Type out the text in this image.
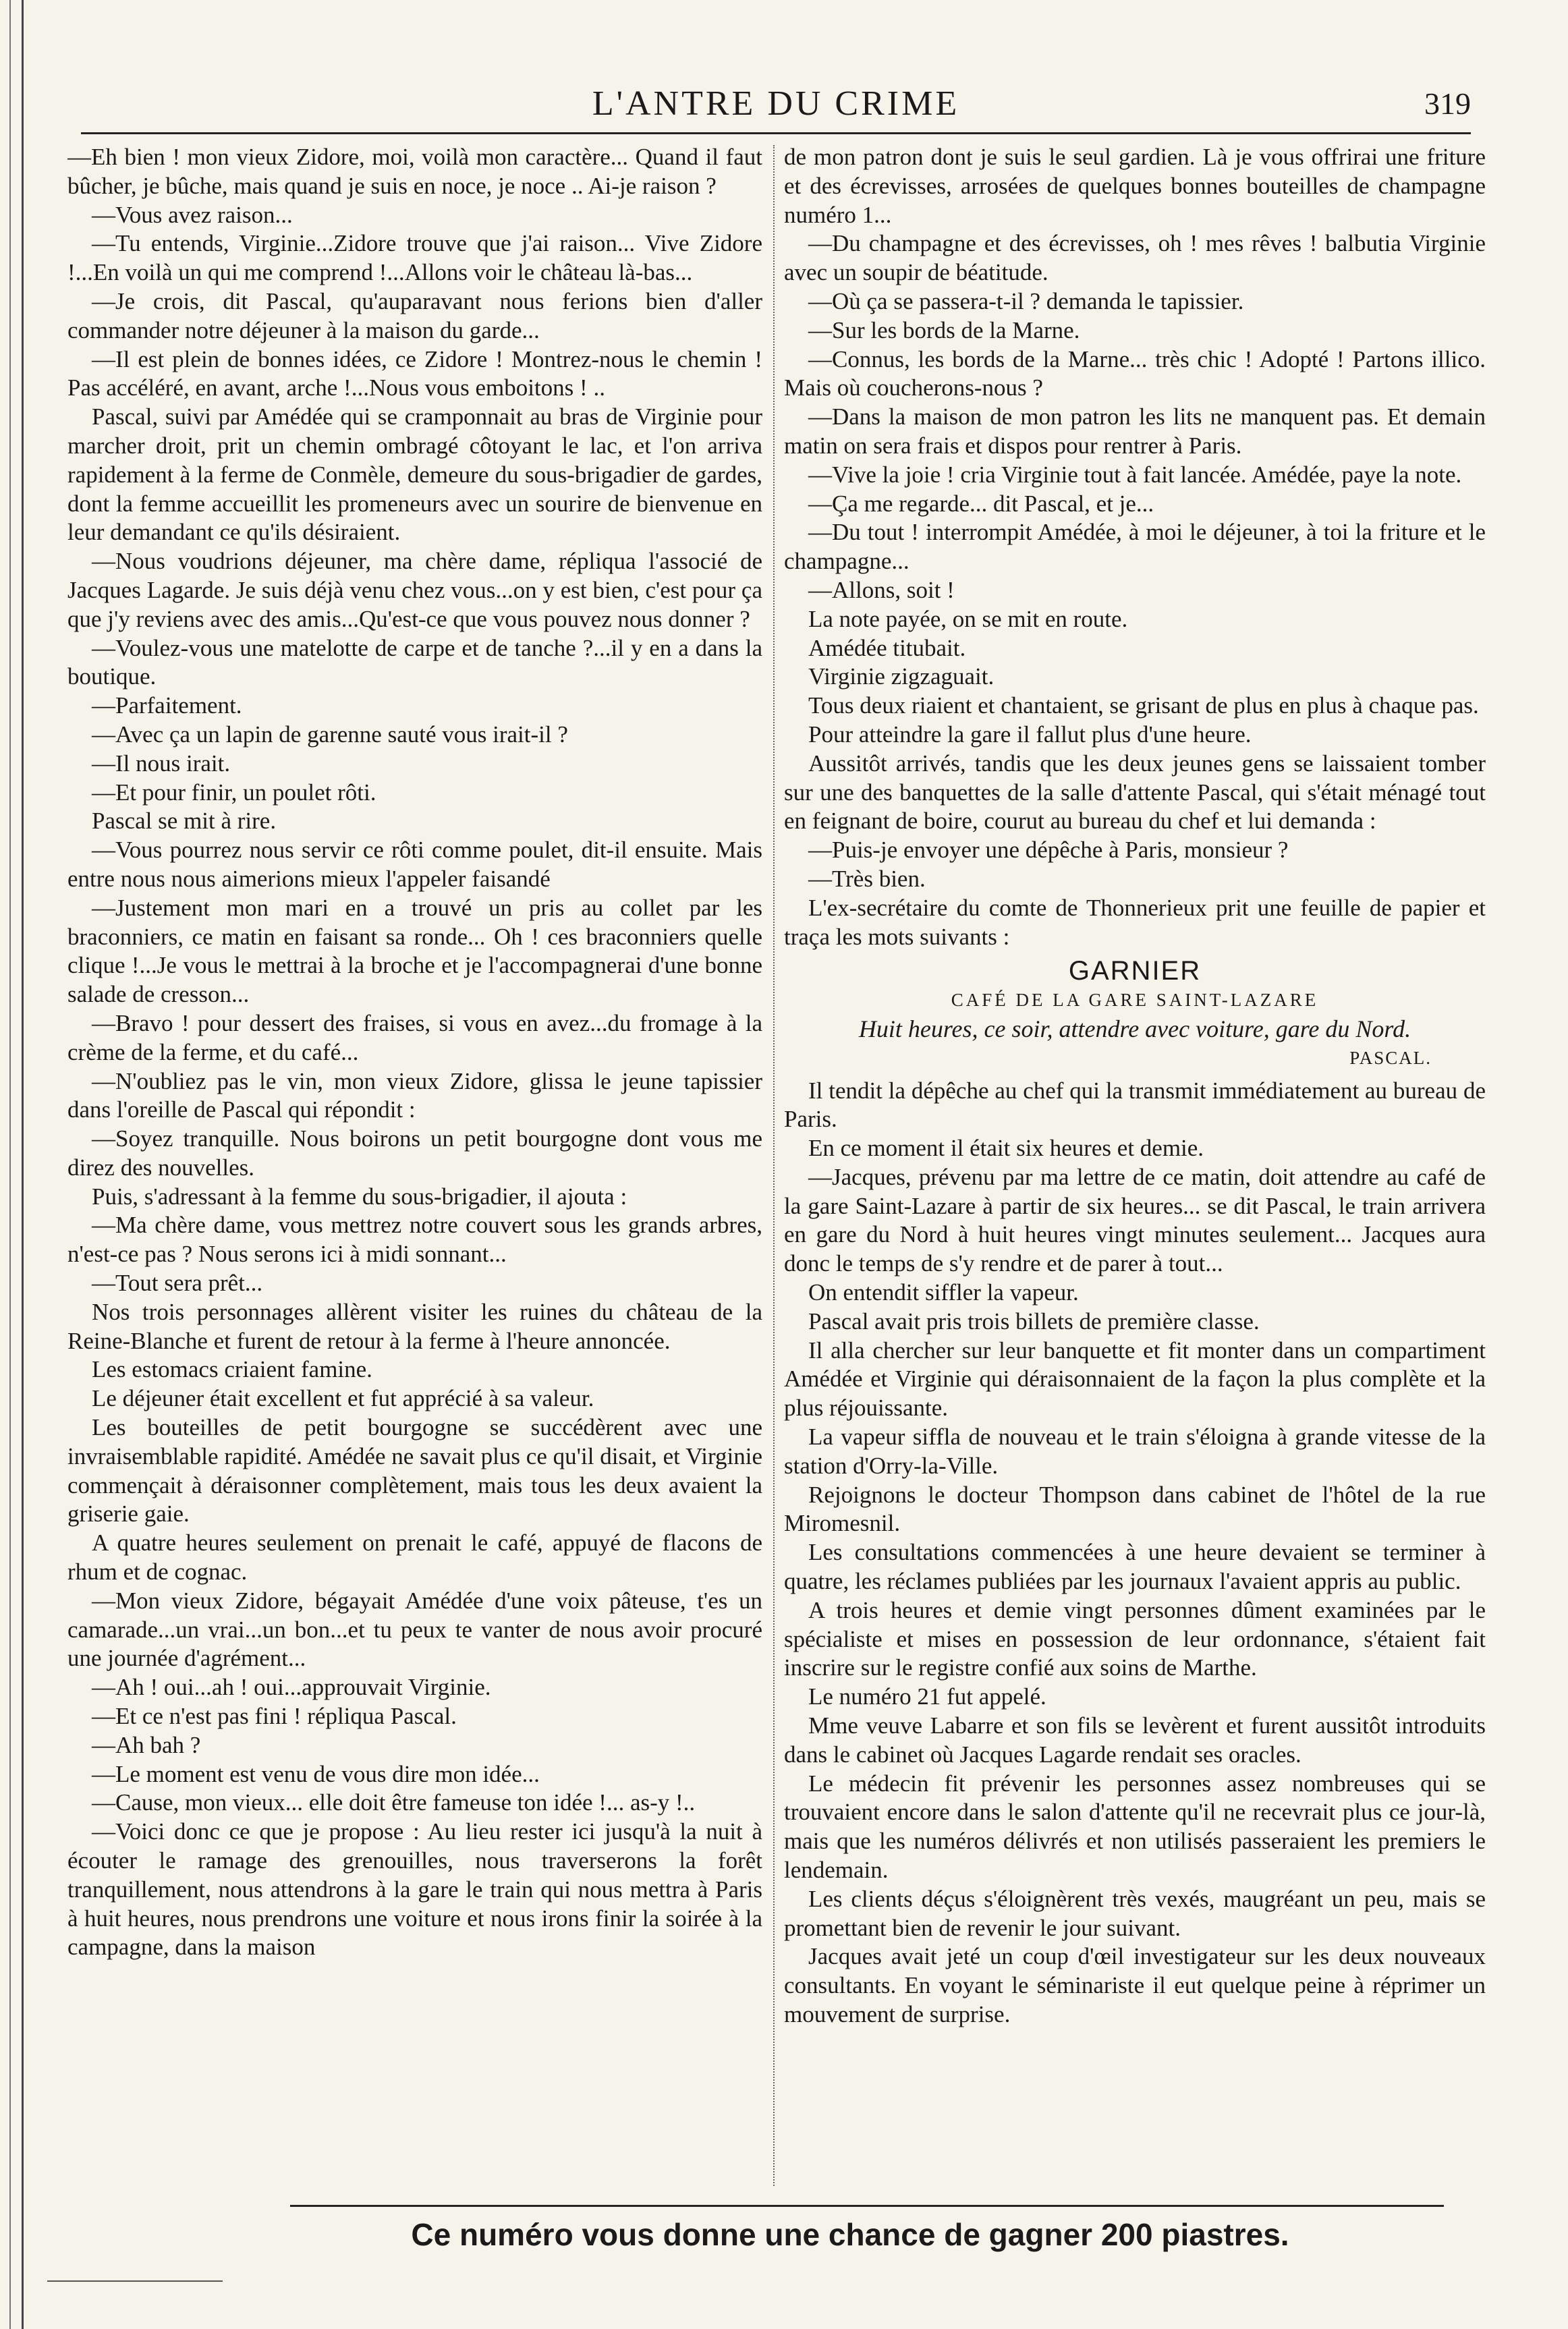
L'ANTRE DU CRIME	319

—Eh bien ! mon vieux Zidore, moi, voilà mon caractère... Quand il faut bûcher, je bûche, mais quand je suis en noce, je noce .. Ai-je raison ?

—Vous avez raison...

—Tu entends, Virginie...Zidore trouve que j'ai raison... Vive Zidore !...En voilà un qui me comprend !...Allons voir le château là-bas...

—Je crois, dit Pascal, qu'auparavant nous ferions bien d'aller commander notre déjeuner à la maison du garde...

—Il est plein de bonnes idées, ce Zidore ! Montrez-nous le chemin ! Pas accéléré, en avant, arche !...Nous vous emboitons ! ..

Pascal, suivi par Amédée qui se cramponnait au bras de Virginie pour marcher droit, prit un chemin ombragé côtoyant le lac, et l'on arriva rapidement à la ferme de Conmèle, demeure du sous-brigadier de gardes, dont la femme accueillit les promeneurs avec un sourire de bienvenue en leur demandant ce qu'ils désiraient.

—Nous voudrions déjeuner, ma chère dame, répliqua l'associé de Jacques Lagarde. Je suis déjà venu chez vous...on y est bien, c'est pour ça que j'y reviens avec des amis...Qu'est-ce que vous pouvez nous donner ?

—Voulez-vous une matelotte de carpe et de tanche ?...il y en a dans la boutique.

—Parfaitement.

—Avec ça un lapin de garenne sauté vous irait-il ?

—Il nous irait.

—Et pour finir, un poulet rôti.

Pascal se mit à rire.

—Vous pourrez nous servir ce rôti comme poulet, dit-il ensuite. Mais entre nous nous aimerions mieux l'appeler faisandé

—Justement mon mari en a trouvé un pris au collet par les braconniers, ce matin en faisant sa ronde... Oh ! ces braconniers quelle clique !...Je vous le mettrai à la broche et je l'accompagnerai d'une bonne salade de cresson...

—Bravo ! pour dessert des fraises, si vous en avez...du fromage à la crème de la ferme, et du café...

—N'oubliez pas le vin, mon vieux Zidore, glissa le jeune tapissier dans l'oreille de Pascal qui répondit :

—Soyez tranquille. Nous boirons un petit bourgogne dont vous me direz des nouvelles.

Puis, s'adressant à la femme du sous-brigadier, il ajouta :

—Ma chère dame, vous mettrez notre couvert sous les grands arbres, n'est-ce pas ? Nous serons ici à midi sonnant...

—Tout sera prêt...

Nos trois personnages allèrent visiter les ruines du château de la Reine-Blanche et furent de retour à la ferme à l'heure annoncée.

Les estomacs criaient famine.

Le déjeuner était excellent et fut apprécié à sa valeur.

Les bouteilles de petit bourgogne se succédèrent avec une invraisemblable rapidité. Amédée ne savait plus ce qu'il disait, et Virginie commençait à déraisonner complètement, mais tous les deux avaient la griserie gaie.

A quatre heures seulement on prenait le café, appuyé de flacons de rhum et de cognac.

—Mon vieux Zidore, bégayait Amédée d'une voix pâteuse, t'es un camarade...un vrai...un bon...et tu peux te vanter de nous avoir procuré une journée d'agrément...

—Ah ! oui...ah ! oui...approuvait Virginie.

—Et ce n'est pas fini ! répliqua Pascal.

—Ah bah ?

—Le moment est venu de vous dire mon idée...

—Cause, mon vieux... elle doit être fameuse ton idée !... as-y !..

—Voici donc ce que je propose : Au lieu rester ici jusqu'à la nuit à écouter le ramage des grenouilles, nous traverserons la forêt tranquillement, nous attendrons à la gare le train qui nous mettra à Paris à huit heures, nous prendrons une voiture et nous irons finir la soirée à la campagne, dans la maison

de mon patron dont je suis le seul gardien. Là je vous offrirai une friture et des écrevisses, arrosées de quelques bonnes bouteilles de champagne numéro 1...

—Du champagne et des écrevisses, oh ! mes rêves ! balbutia Virginie avec un soupir de béatitude.

—Où ça se passera-t-il ? demanda le tapissier.

—Sur les bords de la Marne.

—Connus, les bords de la Marne... très chic ! Adopté ! Partons illico. Mais où coucherons-nous ?

—Dans la maison de mon patron les lits ne manquent pas. Et demain matin on sera frais et dispos pour rentrer à Paris.

—Vive la joie ! cria Virginie tout à fait lancée. Amédée, paye la note.

—Ça me regarde... dit Pascal, et je...

—Du tout ! interrompit Amédée, à moi le déjeuner, à toi la friture et le champagne...

—Allons, soit !

La note payée, on se mit en route.

Amédée titubait.

Virginie zigzaguait.

Tous deux riaient et chantaient, se grisant de plus en plus à chaque pas.

Pour atteindre la gare il fallut plus d'une heure.

Aussitôt arrivés, tandis que les deux jeunes gens se laissaient tomber sur une des banquettes de la salle d'attente Pascal, qui s'était ménagé tout en feignant de boire, courut au bureau du chef et lui demanda :

—Puis-je envoyer une dépêche à Paris, monsieur ?

—Très bien.

L'ex-secrétaire du comte de Thonnerieux prit une feuille de papier et traça les mots suivants :

GARNIER

CAFÉ DE LA GARE SAINT-LAZARE

Huit heures, ce soir, attendre avec voiture, gare du Nord.

PASCAL.

Il tendit la dépêche au chef qui la transmit immédiatement au bureau de Paris.

En ce moment il était six heures et demie.

—Jacques, prévenu par ma lettre de ce matin, doit attendre au café de la gare Saint-Lazare à partir de six heures... se dit Pascal, le train arrivera en gare du Nord à huit heures vingt minutes seulement... Jacques aura donc le temps de s'y rendre et de parer à tout...

On entendit siffler la vapeur.

Pascal avait pris trois billets de première classe.

Il alla chercher sur leur banquette et fit monter dans un compartiment Amédée et Virginie qui déraisonnaient de la façon la plus complète et la plus réjouissante.

La vapeur siffla de nouveau et le train s'éloigna à grande vitesse de la station d'Orry-la-Ville.

Rejoignons le docteur Thompson dans cabinet de l'hôtel de la rue Miromesnil.

Les consultations commencées à une heure devaient se terminer à quatre, les réclames publiées par les journaux l'avaient appris au public.

A trois heures et demie vingt personnes dûment examinées par le spécialiste et mises en possession de leur ordonnance, s'étaient fait inscrire sur le registre confié aux soins de Marthe.

Le numéro 21 fut appelé.

Mme veuve Labarre et son fils se levèrent et furent aussitôt introduits dans le cabinet où Jacques Lagarde rendait ses oracles.

Le médecin fit prévenir les personnes assez nombreuses qui se trouvaient encore dans le salon d'attente qu'il ne recevrait plus ce jour-là, mais que les numéros délivrés et non utilisés passeraient les premiers le lendemain.

Les clients déçus s'éloignèrent très vexés, maugréant un peu, mais se promettant bien de revenir le jour suivant.

Jacques avait jeté un coup d'œil investigateur sur les deux nouveaux consultants. En voyant le séminariste il eut quelque peine à réprimer un mouvement de surprise.

Ce numéro vous donne une chance de gagner 200 piastres.
